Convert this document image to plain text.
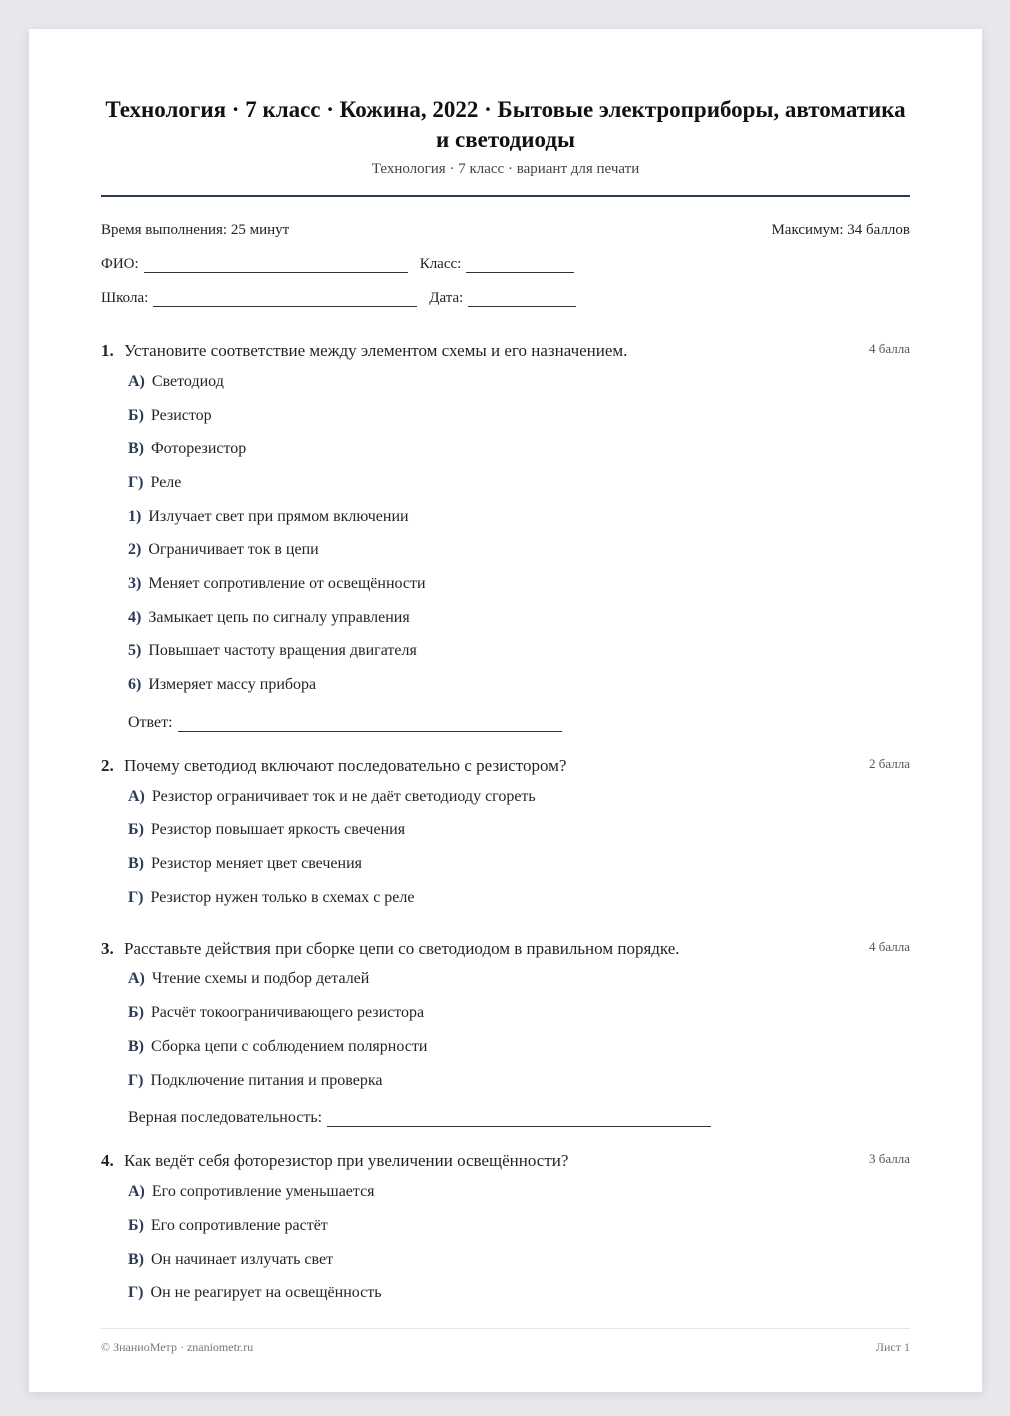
Технология · 7 класс · Кожина, 2022 · Бытовые электроприборы, автоматика и светодиоды
Технология · 7 класс · вариант для печати
Время выполнения: 25 минут	Максимум: 34 баллов
ФИО:	Класс:
Школа:	Дата:
1. Установите соответствие между элементом схемы и его назначением.	4 балла
А) Светодиод
Б) Резистор
В) Фоторезистор
Г) Реле
1) Излучает свет при прямом включении
2) Ограничивает ток в цепи
3) Меняет сопротивление от освещённости
4) Замыкает цепь по сигналу управления
5) Повышает частоту вращения двигателя
6) Измеряет массу прибора
Ответ:
2. Почему светодиод включают последовательно с резистором?	2 балла
А) Резистор ограничивает ток и не даёт светодиоду сгореть
Б) Резистор повышает яркость свечения
В) Резистор меняет цвет свечения
Г) Резистор нужен только в схемах с реле
3. Расставьте действия при сборке цепи со светодиодом в правильном порядке.	4 балла
А) Чтение схемы и подбор деталей
Б) Расчёт токоограничивающего резистора
В) Сборка цепи с соблюдением полярности
Г) Подключение питания и проверка
Верная последовательность:
4. Как ведёт себя фоторезистор при увеличении освещённости?	3 балла
А) Его сопротивление уменьшается
Б) Его сопротивление растёт
В) Он начинает излучать свет
Г) Он не реагирует на освещённость
© ЗнаниоМетр · znaniometr.ru	Лист 1
